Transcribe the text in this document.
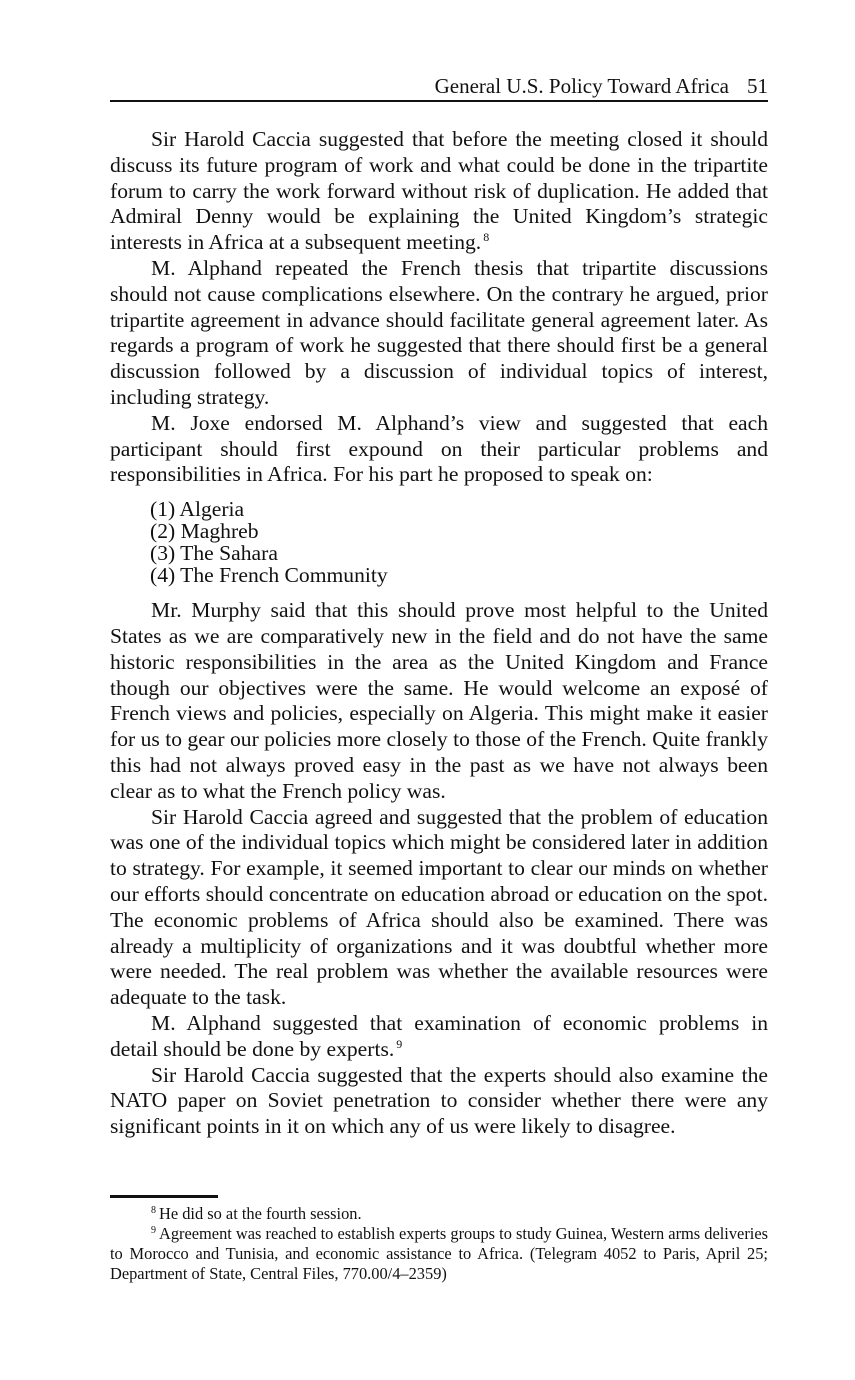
General U.S. Policy Toward Africa 51

Sir Harold Caccia suggested that before the meeting closed it should discuss its future program of work and what could be done in the tripartite forum to carry the work forward without risk of duplication. He added that Admiral Denny would be explaining the United Kingdom’s strategic interests in Africa at a subsequent meeting. $^8$

M. Alphand repeated the French thesis that tripartite discussions should not cause complications elsewhere. On the contrary he argued, prior tripartite agreement in advance should facilitate general agreement later. As regards a program of work he suggested that there should first be a general discussion followed by a discussion of individual topics of interest, including strategy.

M. Joxe endorsed M. Alphand’s view and suggested that each participant should first expound on their particular problems and responsibilities in Africa. For his part he proposed to speak on:

(1) Algeria
(2) Maghreb
(3) The Sahara
(4) The French Community

Mr. Murphy said that this should prove most helpful to the United States as we are comparatively new in the field and do not have the same historic responsibilities in the area as the United Kingdom and France though our objectives were the same. He would welcome an exposé of French views and policies, especially on Algeria. This might make it easier for us to gear our policies more closely to those of the French. Quite frankly this had not always proved easy in the past as we have not always been clear as to what the French policy was.

Sir Harold Caccia agreed and suggested that the problem of education was one of the individual topics which might be considered later in addition to strategy. For example, it seemed important to clear our minds on whether our efforts should concentrate on education abroad or education on the spot. The economic problems of Africa should also be examined. There was already a multiplicity of organizations and it was doubtful whether more were needed. The real problem was whether the available resources were adequate to the task.

M. Alphand suggested that examination of economic problems in detail should be done by experts. $^9$

Sir Harold Caccia suggested that the experts should also examine the NATO paper on Soviet penetration to consider whether there were any significant points in it on which any of us were likely to disagree.

$^8$ He did so at the fourth session.

$^9$ Agreement was reached to establish experts groups to study Guinea, Western arms deliveries to Morocco and Tunisia, and economic assistance to Africa. (Telegram 4052 to Paris, April 25; Department of State, Central Files, 770.00/4–2359)
